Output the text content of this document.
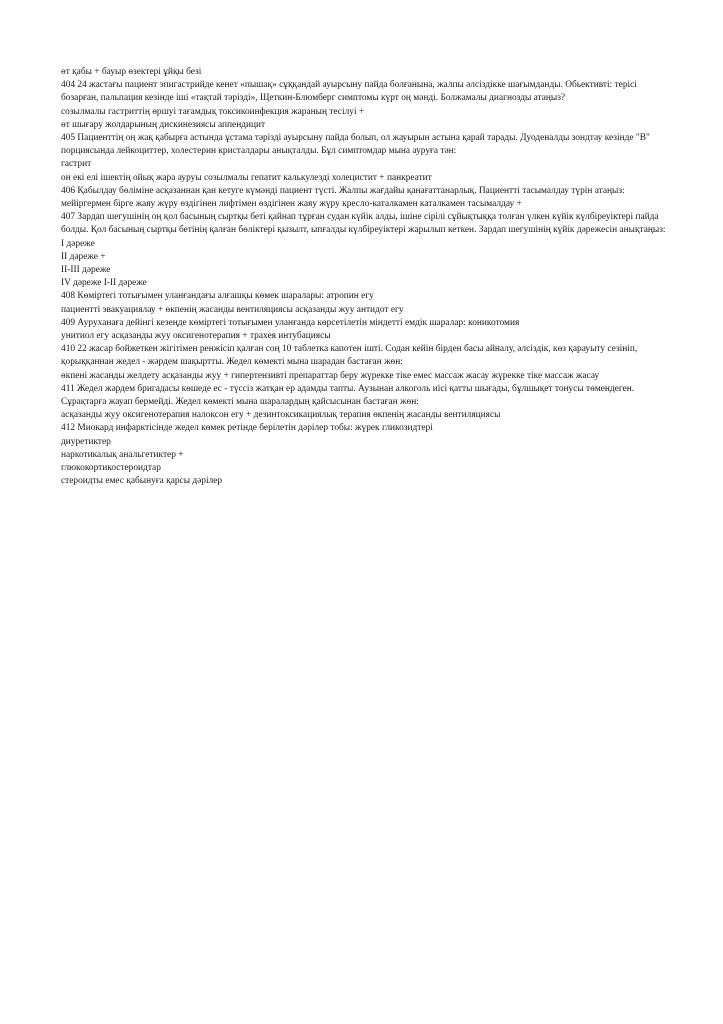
өт қабы + бауыр өзектері ұйқы безі
404 24 жастағы пациент эпигастрийде кенет «пышақ» сұққандай ауырсыну пайда болғанына, жалпы әлсіздікке шағымданды. Обьективті: терісі бозарған, пальпация кезінде іші «тақтай тәрізді», Щеткин-Блюмберг симптомы күрт оң мәнді. Болжамалы диагнозды атаңыз?
созылмалы гастриттің өршуі тағамдық токсикоинфекция жараның тесілуі +
өт шығару жолдарының дискинезиясы аппендицит
405 Пациенттің оң жақ қабырға астында ұстама тәрізді ауырсыну пайда болып, ол жауырын астына қарай тарады. Дуоденалды зондтау кезінде "В" порциясында лейкоциттер, холестерин кристалдары анықталды. Бұл симптомдар мына ауруға тән:
гастрит
он екі елі ішектің ойық жара ауруы созылмалы гепатит калькулезді холецистит + панкреатит
406 Қабылдау бөліміне асқазаннан қан кетуге күмәнді пациент түсті. Жалпы жағдайы қанағаттанарлық. Пациентті тасымалдау түрін атаңыз:
мейіргермен бірге жаяу жүру өздігінен лифтімен өздігінен жаяу жүру кресло-каталкамен каталкамен тасымалдау +
407 Зардап шегушінің оң қол басының сыртқы беті қайнап тұрған судан күйік алды, ішіне сірілі сұйықтыққа толған үлкен күйік күлбіреуіктері пайда болды. Қол басының сыртқы бетінің қалған бөліктері қызылт, ыпғалды күлбіреуіктері жарылып кеткен. Зардап шегушінің күйік дәрежесін анықтаңыз:
I дәреже
II дәреже +
II-III дәреже
IV дәреже I-II дәреже
408 Көміртегі тотығымен уланғандағы алғашқы көмек шаралары: атропин егу
пациентті эвакуациялау + өкпенің жасанды вентиляциясы асқазанды жуу антидот егу
409 Ауруханаға дейінгі кезеңде көміртегі тотығымен уланғанда көрсетілетін міндетті емдік шаралар: коникотомия
унитиол егу асқазанды жуу оксигенотерапия + трахея интубациясы
410 22 жасар бойжеткен жігітімен ренжісіп қалған соң 10 таблетка капотен ішті. Содан кейін бірден басы айналу, әлсіздік, көз қарауыту сезініп, қорыққаннан жедел - жәрдем шақыртты. Жедел көмекті мына шарадан бастаған жөн:
өкпені жасанды желдету асқазанды жуу + гипертензивті препараттар беру жүрекке тіке емес массаж жасау жүрекке тіке массаж жасау
411 Жедел жәрдем бригадасы көшеде ес - түссіз жатқан ер адамды тапты. Аузынан алкоголь иісі қатты шығады, бұлшықет тонусы төмендеген. Сұрақтарға жауап бермейді. Жедел көмекті мына шаралардың қайсысынан бастаған жөн:
асқазанды жуу оксигенотерапия налоксон егу + дезинтоксикациялық терапия өкпенің жасанды вентиляциясы
412 Миокард инфарктісінде жедел көмек ретінде берілетін дәрілер тобы: жүрек гликозидтері
диуретиктер
наркотикалық анальгетиктер +
глюкокортикостероидтар
стероидты емес қабынуға қарсы дәрілер
